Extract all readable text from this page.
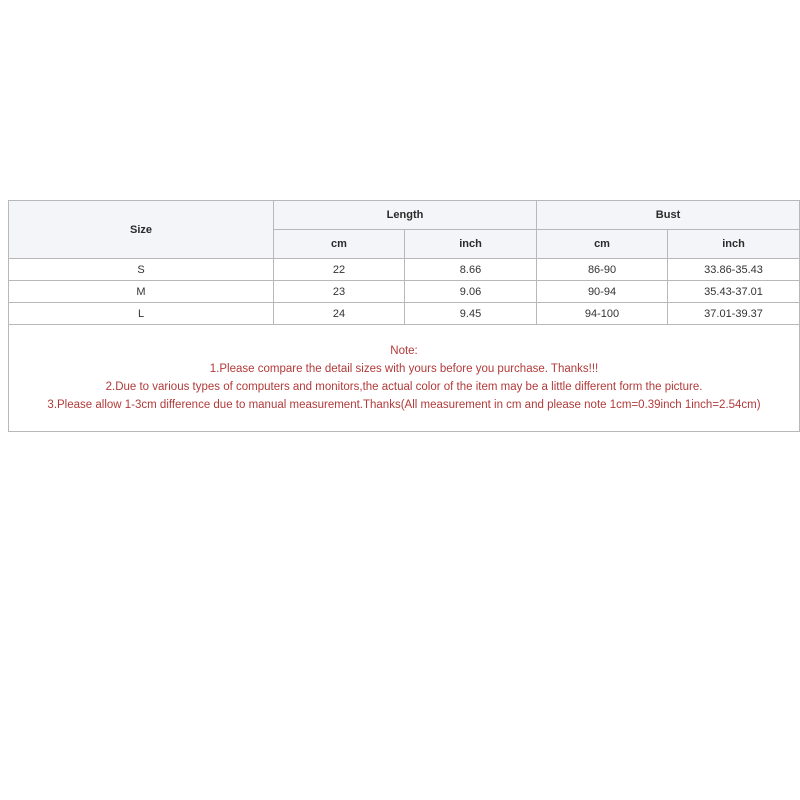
Size	Length		Bust	
	cm	inch	cm	inch
S	22	8.66	86-90	33.86-35.43
M	23	9.06	90-94	35.43-37.01
L	24	9.45	94-100	37.01-39.37

Note:
1.Please compare the detail sizes with yours before you purchase. Thanks!!!
2.Due to various types of computers and monitors,the actual color of the item may be a little different form the picture.
3.Please allow 1-3cm difference due to manual measurement.Thanks(All measurement in cm and please note 1cm=0.39inch 1inch=2.54cm)				
